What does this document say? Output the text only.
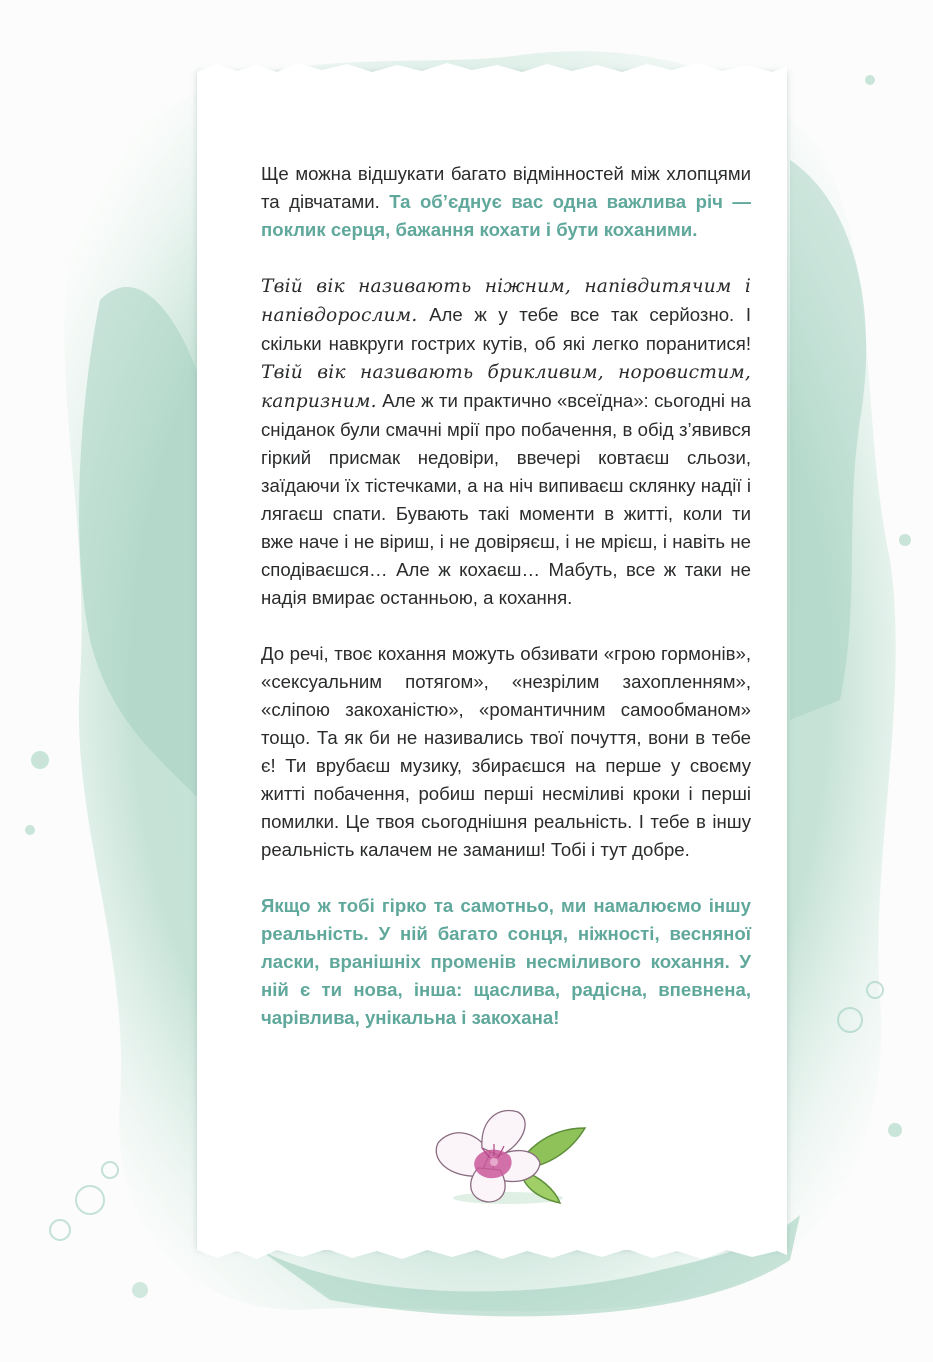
Ще можна відшукати багато відмінностей між хлопцями та дівчатами. Та об’єднує вас одна важлива річ — поклик серця, бажання кохати і бути коханими.

Твій вік називають ніжним, напівдитячим і напівдорослим. Але ж у тебе все так серйозно. І скільки навкруги гострих кутів, об які легко поранитися! Твій вік називають брикливим, норовистим, капризним. Але ж ти практично «всеїдна»: сьогодні на сніданок були смачні мрії про побачення, в обід з’явився гіркий присмак недовіри, ввечері ковтаєш сльози, заїдаючи їх тістечками, а на ніч випиваєш склянку надії і лягаєш спати. Бувають такі моменти в житті, коли ти вже наче і не віриш, і не довіряєш, і не мрієш, і навіть не сподіваєшся… Але ж кохаєш… Мабуть, все ж таки не надія вмирає останньою, а кохання.

До речі, твоє кохання можуть обзивати «грою гормонів», «сексуальним потягом», «незрілим захопленням», «сліпою закоханістю», «романтичним самообманом» тощо. Та як би не називались твої почуття, вони в тебе є! Ти врубаєш музику, збираєшся на перше у своєму житті побачення, робиш перші несміливі кроки і перші помилки. Це твоя сьогоднішня реальність. І тебе в іншу реальність калачем не заманиш! Тобі і тут добре.

Якщо ж тобі гірко та самотньо, ми намалюємо іншу реальність. У ній багато сонця, ніжності, весняної ласки, вранішніх променів несміливого кохання. У ній є ти нова, інша: щаслива, радісна, впевнена, чарівлива, унікальна і закохана!
